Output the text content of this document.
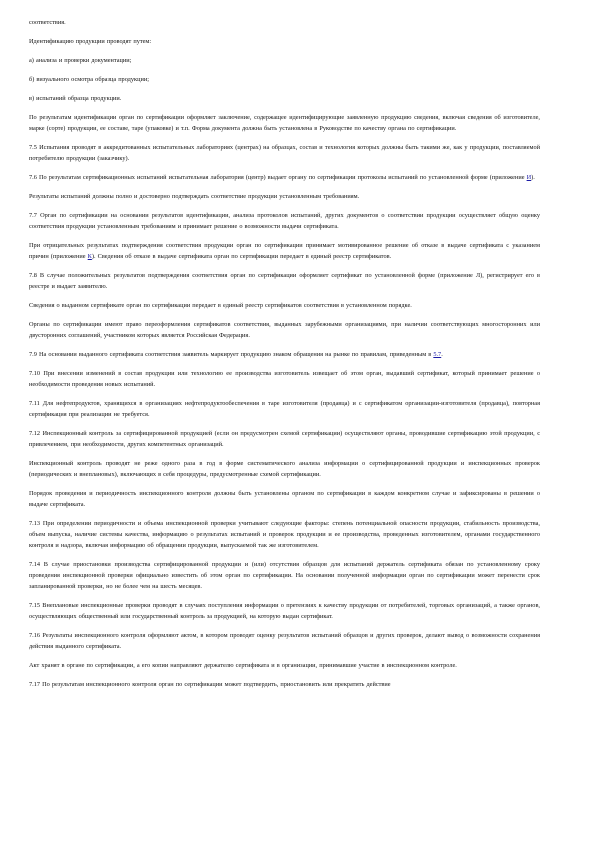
соответствия.

Идентификацию продукции проводят путем:

а) анализа и проверки документации;

б) визуального осмотра образца продукции;

в) испытаний образца продукции.

По результатам идентификации орган по сертификации оформляет заключение, содержащее идентифицирующие заявленную продукцию сведения, включая сведения об изготовителе, марке (сорте) продукции, ее составе, таре (упаковке) и т.п. Форма документа должна быть установлена в Руководстве по качеству органа по сертификации.

7.5 Испытания проводят в аккредитованных испытательных лабораториях (центрах) на образцах, состав и технология которых должны быть такими же, как у продукции, поставляемой потребителю продукции (заказчику).

7.6 По результатам сертификационных испытаний испытательная лаборатория (центр) выдает органу по сертификации протоколы испытаний по установленной форме (приложение И).

Результаты испытаний должны полно и достоверно подтверждать соответствие продукции установленным требованиям.

7.7 Орган по сертификации на основании результатов идентификации, анализа протоколов испытаний, других документов о соответствии продукции осуществляет общую оценку соответствия продукции установленным требованиям и принимает решение о возможности выдачи сертификата.

При отрицательных результатах подтверждения соответствия продукции орган по сертификации принимает мотивированное решение об отказе в выдаче сертификата с указанием причин (приложение К). Сведения об отказе в выдаче сертификата орган по сертификации передает в единый реестр сертификатов.

7.8 В случае положительных результатов подтверждения соответствия орган по сертификации оформляет сертификат по установленной форме (приложение Л), регистрирует его в реестре и выдает заявителю.

Сведения о выданном сертификате орган по сертификации передает в единый реестр сертификатов соответствия в установленном порядке.

Органы по сертификации имеют право переоформления сертификатов соответствия, выданных зарубежными организациями, при наличии соответствующих многосторонних или двусторонних соглашений, участником которых является Российская Федерация.

7.9 На основании выданного сертификата соответствия заявитель маркирует продукцию знаком обращения на рынке по правилам, приведенным в 5.7.

7.10 При внесении изменений в состав продукции или технологию ее производства изготовитель извещает об этом орган, выдавший сертификат, который принимает решение о необходимости проведения новых испытаний.

7.11 Для нефтепродуктов, хранящихся в организациях нефтепродуктообеспечения в таре изготовителя (продавца) и с сертификатом организации-изготовителя (продавца), повторная сертификация при реализации не требуется.

7.12 Инспекционный контроль за сертифицированной продукцией (если он предусмотрен схемой сертификации) осуществляют органы, проводившие сертификацию этой продукции, с привлечением, при необходимости, других компетентных организаций.

Инспекционный контроль проводят не реже одного раза в год в форме систематического анализа информации о сертифицированной продукции и инспекционных проверок (периодических и внеплановых), включающих в себя процедуры, предусмотренные схемой сертификации.

Порядок проведения и периодичность инспекционного контроля должны быть установлены органом по сертификации в каждом конкретном случае и зафиксированы в решении о выдаче сертификата.

7.13 При определении периодичности и объема инспекционной проверки учитывают следующие факторы: степень потенциальной опасности продукции, стабильность производства, объем выпуска, наличие системы качества, информацию о результатах испытаний и проверок продукции и ее производства, проведенных изготовителем, органами государственного контроля и надзора, включая информацию об обращении продукции, выпускаемой так же изготовителем.

7.14 В случае приостановки производства сертифицированной продукции и (или) отсутствия образцов для испытаний держатель сертификата обязан по установленному сроку проведения инспекционной проверки официально известить об этом орган по сертификации. На основании полученной информации орган по сертификации может перенести срок запланированной проверки, но не более чем на шесть месяцев.

7.15 Внеплановые инспекционные проверки проводят в случаях поступления информации о претензиях к качеству продукции от потребителей, торговых организаций, а также органов, осуществляющих общественный или государственный контроль за продукцией, на которую выдан сертификат.

7.16 Результаты инспекционного контроля оформляют актом, в котором проводят оценку результатов испытаний образцов и других проверок, делают вывод о возможности сохранения действия выданного сертификата.

Акт хранят в органе по сертификации, а его копии направляют держателю сертификата и в организации, принимавшие участие в инспекционном контроле.

7.17 По результатам инспекционного контроля орган по сертификации может подтвердить, приостановить или прекратить действие
